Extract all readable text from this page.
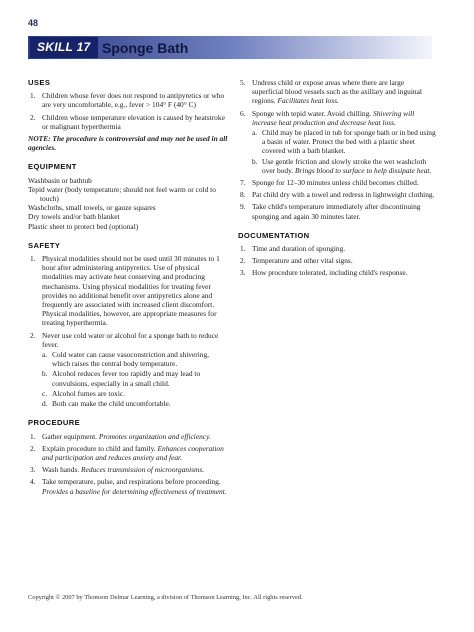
48
SKILL 17 Sponge Bath
USES
1. Children whose fever does not respond to antipyretics or who are very uncomfortable, e.g., fever > 104° F (40° C)
2. Children whose temperature elevation is caused by heatstroke or malignant hyperthermia
NOTE: The procedure is controversial and may not be used in all agencies.
EQUIPMENT

Washbasin or bathtub

Tepid water (body temperature; should not feel warm or cold to touch)

Washcloths, small towels, or gauze squares

Dry towels and/or bath blanket

Plastic sheet to protect bed (optional)

SAFETY
1. Physical modalities should not be used until 30 minutes to 1 hour after administering antipyretics. Use of physical modalities may activate heat conserving and producing mechanisms. Using physical modalities for treating fever provides no additional benefit over antipyretics alone and frequently are associated with increased client discomfort. Physical modalities, however, are appropriate measures for treating hyperthermia.
2. Never use cold water or alcohol for a sponge bath to reduce fever.
a. Cold water can cause vasoconstriction and shivering, which raises the central body temperature.
b. Alcohol reduces fever too rapidly and may lead to convulsions, especially in a small child.
c. Alcohol fumes are toxic.
d. Both can make the child uncomfortable.
PROCEDURE
1. Gather equipment. Promotes organization and efficiency.
2. Explain procedure to child and family. Enhances cooperation and participation and reduces anxiety and fear.
3. Wash hands. Reduces transmission of microorganisms.
4. Take temperature, pulse, and respirations before proceeding. Provides a baseline for determining effectiveness of treatment.
5. Undress child or expose areas where there are large superficial blood vessels such as the axillary and inguinal regions. Facilitates heat loss.
6. Sponge with tepid water. Avoid chilling. Shivering will increase heat production and decrease heat loss.
a. Child may be placed in tub for sponge bath or in bed using a basin of water. Protect the bed with a plastic sheet covered with a bath blanket.
b. Use gentle friction and slowly stroke the wet washcloth over body. Brings blood to surface to help dissipate heat.
7. Sponge for 12–30 minutes unless child becomes chilled.
8. Pat child dry with a towel and redress in lightweight clothing.
9. Take child's temperature immediately after discontinuing sponging and again 30 minutes later.
DOCUMENTATION
1. Time and duration of sponging.
2. Temperature and other vital signs.
3. How procedure tolerated, including child's response.
Copyright © 2007 by Thomson Delmar Learning, a division of Thomson Learning, Inc. All rights reserved.
